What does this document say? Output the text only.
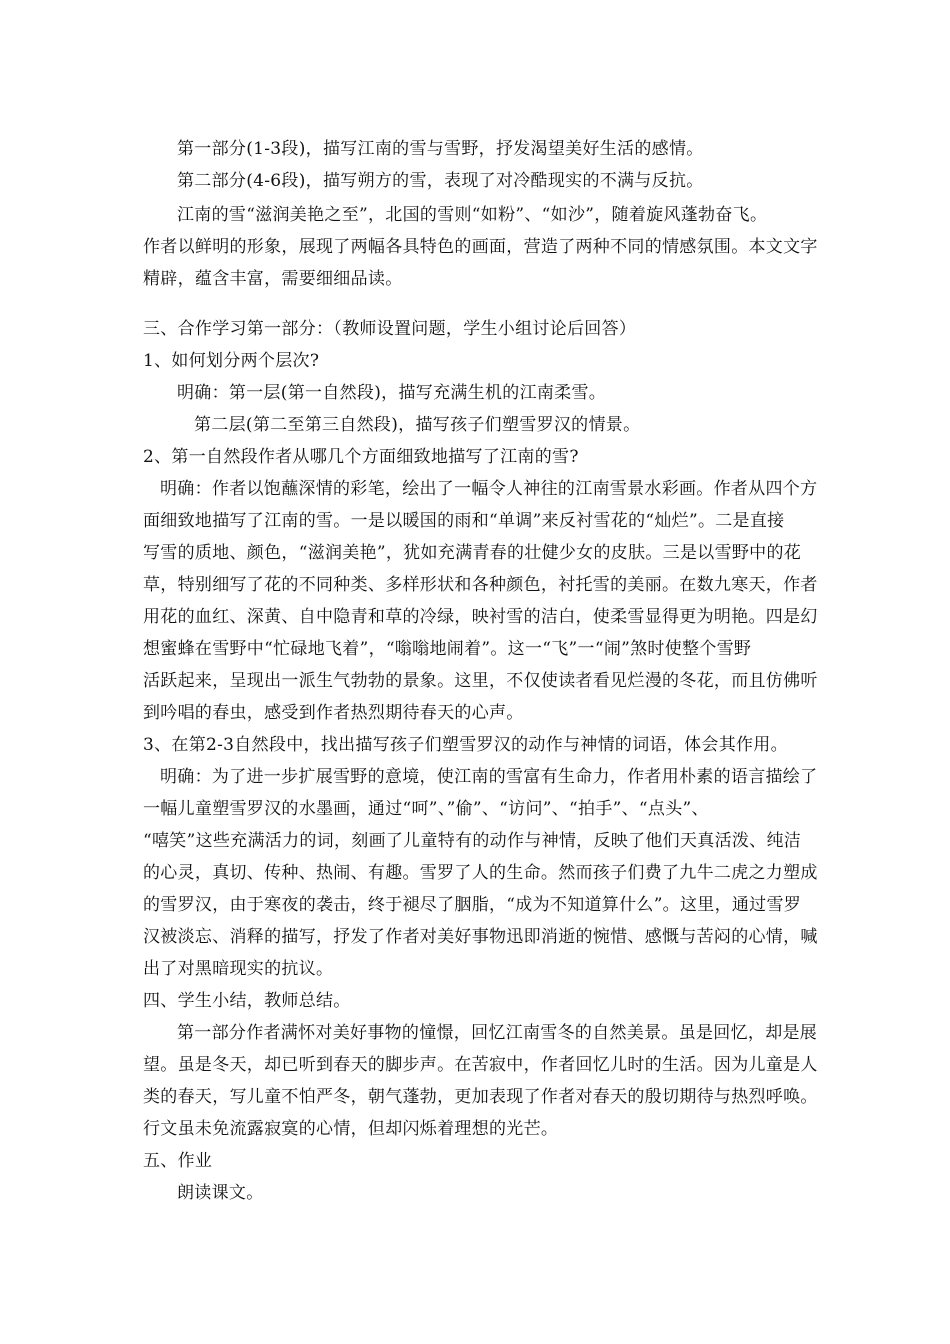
第一部分(1-3段)，描写江南的雪与雪野，抒发渴望美好生活的感情。
第二部分(4-6段)，描写朔方的雪，表现了对冷酷现实的不满与反抗。
江南的雪“滋润美艳之至”，北国的雪则“如粉”、“如沙”，随着旋风蓬勃奋飞。
作者以鲜明的形象，展现了两幅各具特色的画面，营造了两种不同的情感氛围。本文文字
精辟，蕴含丰富，需要细细品读。
三、合作学习第一部分：（教师设置问题，学生小组讨论后回答）
1、如何划分两个层次?
明确：第一层(第一自然段)，描写充满生机的江南柔雪。
第二层(第二至第三自然段)，描写孩子们塑雪罗汉的情景。
2、第一自然段作者从哪几个方面细致地描写了江南的雪?
明确：作者以饱蘸深情的彩笔，绘出了一幅令人神往的江南雪景水彩画。作者从四个方
面细致地描写了江南的雪。一是以暖国的雨和“单调”来反衬雪花的“灿烂”。二是直接
写雪的质地、颜色，“滋润美艳”，犹如充满青春的壮健少女的皮肤。三是以雪野中的花
草，特别细写了花的不同种类、多样形状和各种颜色，衬托雪的美丽。在数九寒天，作者
用花的血红、深黄、自中隐青和草的冷绿，映衬雪的洁白，使柔雪显得更为明艳。四是幻
想蜜蜂在雪野中“忙碌地飞着”，“嗡嗡地闹着”。这一“飞”一“闹”煞时使整个雪野
活跃起来，呈现出一派生气勃勃的景象。这里，不仅使读者看见烂漫的冬花，而且仿佛听
到吟唱的春虫，感受到作者热烈期待春天的心声。
3、在第2-3自然段中，找出描写孩子们塑雪罗汉的动作与神情的词语，体会其作用。
明确：为了进一步扩展雪野的意境，使江南的雪富有生命力，作者用朴素的语言描绘了
一幅儿童塑雪罗汉的水墨画，通过“呵”、”偷”、“访问”、“拍手”、“点头”、
“嘻笑”这些充满活力的词，刻画了儿童特有的动作与神情，反映了他们天真活泼、纯洁
的心灵，真切、传种、热闹、有趣。雪罗了人的生命。然而孩子们费了九牛二虎之力塑成
的雪罗汉，由于寒夜的袭击，终于褪尽了胭脂，“成为不知道算什么”。这里，通过雪罗
汉被淡忘、消释的描写，抒发了作者对美好事物迅即消逝的惋惜、感慨与苦闷的心情，喊
出了对黑暗现实的抗议。
四、学生小结，教师总结。
第一部分作者满怀对美好事物的憧憬，回忆江南雪冬的自然美景。虽是回忆，却是展
望。虽是冬天，却已听到春天的脚步声。在苦寂中，作者回忆儿时的生活。因为儿童是人
类的春天，写儿童不怕严冬，朝气蓬勃，更加表现了作者对春天的殷切期待与热烈呼唤。
行文虽未免流露寂寞的心情，但却闪烁着理想的光芒。
五、作业
朗读课文。
